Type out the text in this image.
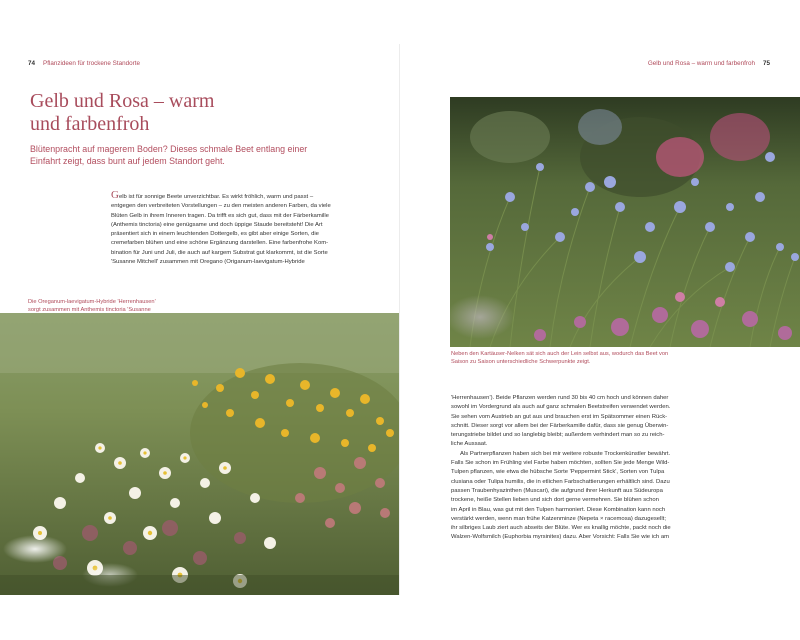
74 Pflanzideen für trockene Standorte
Gelb und Rosa – warm
und farbenfroh
Blütenpracht auf magerem Boden? Dieses schmale Beet entlang einer
Einfahrt zeigt, dass bunt auf jedem Standort geht.
Gelb ist für sonnige Beete unverzichtbar. Es wirkt fröhlich, warm und passt –
entgegen den verbreiteten Vorstellungen – zu den meisten anderen Farben, da viele
Blüten Gelb in ihrem Inneren tragen. Da trifft es sich gut, dass mit der Färberkamille
(Anthemis tinctoria) eine genügsame und doch üppige Staude bereitsteht! Die Art
präsentiert sich in einem leuchtenden Dottergelb, es gibt aber einige Sorten, die
cremefarben blühen und eine schöne Ergänzung darstellen. Eine farbenfrohe Kom-
bination für Juni und Juli, die auch auf kargem Substrat gut klarkommt, ist die Sorte
'Susanne Mitchell' zusammen mit Oregano (Origanum-laevigatum-Hybride
Die Oreganum-laevigatum-Hybride 'Herrenhausen'
sorgt zusammen mit Anthemis tinctoria 'Susanne
Gelb und Rosa – warm und farbenfroh 75
Neben den Kartäuser-Nelken sät sich auch der Lein selbst aus, wodurch das Beet von
Saison zu Saison unterschiedliche Schwerpunkte zeigt.
'Herrenhausen'). Beide Pflanzen werden rund 30 bis 40 cm hoch und können daher
sowohl im Vordergrund als auch auf ganz schmalen Beetstreifen verwendet werden.
Sie sehen vom Austrieb an gut aus und brauchen erst im Spätsommer einen Rück-
schnitt. Dieser sorgt vor allem bei der Färberkamille dafür, dass sie genug Überwin-
terungstriebe bildet und so langlebig bleibt; außerdem verhindert man so zu reich-
liche Aussaat.
Als Partnerpflanzen haben sich bei mir weitere robuste Trockenkünstler bewährt.
Falls Sie schon im Frühling viel Farbe haben möchten, sollten Sie jede Menge Wild-
Tulpen pflanzen, wie etwa die hübsche Sorte 'Peppermint Stick', Sorten von Tulpa
clusiana oder Tulipa humilis, die in etlichen Farbschattierungen erhältlich sind. Dazu
passen Traubenhyazinthen (Muscari), die aufgrund ihrer Herkunft aus Südeuropa
trockene, heiße Stellen lieben und sich dort gerne vermehren. Sie blühen schon
im April in Blau, was gut mit den Tulpen harmoniert. Diese Kombination kann noch
verstärkt werden, wenn man frühe Katzenminze (Nepeta × racemosa) dazugesellt;
ihr silbriges Laub ziert auch abseits der Blüte. Wer es knallig möchte, packt noch die
Walzen-Wolfsmilch (Euphorbia myrsinites) dazu. Aber Vorsicht: Falls Sie wie ich am
